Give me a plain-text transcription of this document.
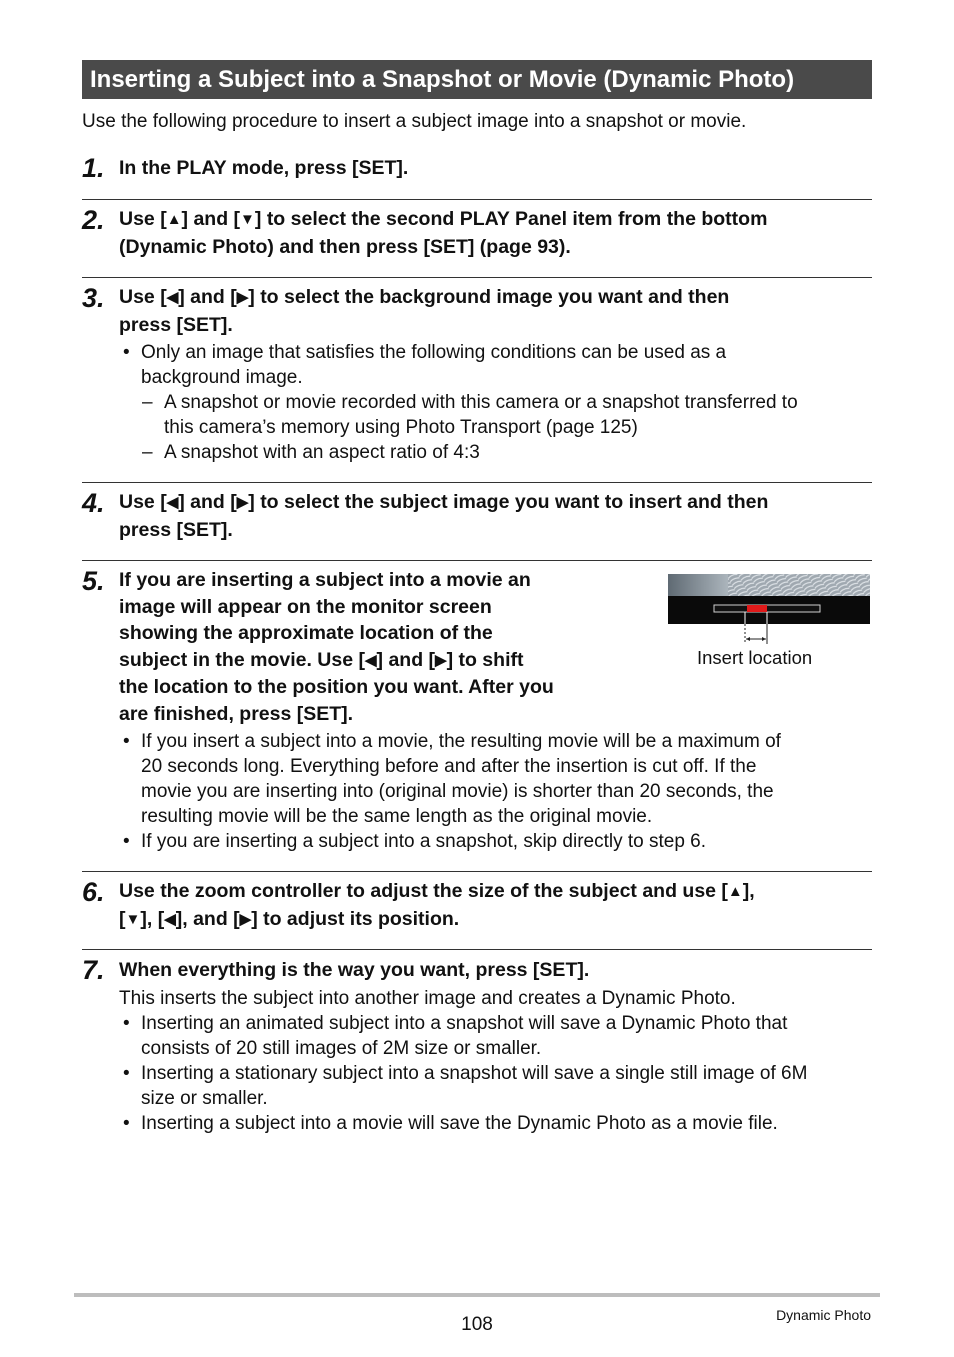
Inserting a Subject into a Snapshot or Movie (Dynamic Photo)
Use the following procedure to insert a subject image into a snapshot or movie.
1. In the PLAY mode, press [SET].
2. Use [▲] and [▼] to select the second PLAY Panel item from the bottom
(Dynamic Photo) and then press [SET] (page 93).
3. Use [◀] and [▶] to select the background image you want and then
press [SET].
• Only an image that satisfies the following conditions can be used as a
background image.
– A snapshot or movie recorded with this camera or a snapshot transferred to
this camera’s memory using Photo Transport (page 125)
– A snapshot with an aspect ratio of 4:3
4. Use [◀] and [▶] to select the subject image you want to insert and then
press [SET].
5. If you are inserting a subject into a movie an
image will appear on the monitor screen
showing the approximate location of the
subject in the movie. Use [◀] and [▶] to shift
the location to the position you want. After you
are finished, press [SET].
Insert location
• If you insert a subject into a movie, the resulting movie will be a maximum of
20 seconds long. Everything before and after the insertion is cut off. If the
movie you are inserting into (original movie) is shorter than 20 seconds, the
resulting movie will be the same length as the original movie.
• If you are inserting a subject into a snapshot, skip directly to step 6.
6. Use the zoom controller to adjust the size of the subject and use [▲],
[▼], [◀], and [▶] to adjust its position.
7. When everything is the way you want, press [SET].
This inserts the subject into another image and creates a Dynamic Photo.
• Inserting an animated subject into a snapshot will save a Dynamic Photo that
consists of 20 still images of 2M size or smaller.
• Inserting a stationary subject into a snapshot will save a single still image of 6M
size or smaller.
• Inserting a subject into a movie will save the Dynamic Photo as a movie file.
108	Dynamic Photo
